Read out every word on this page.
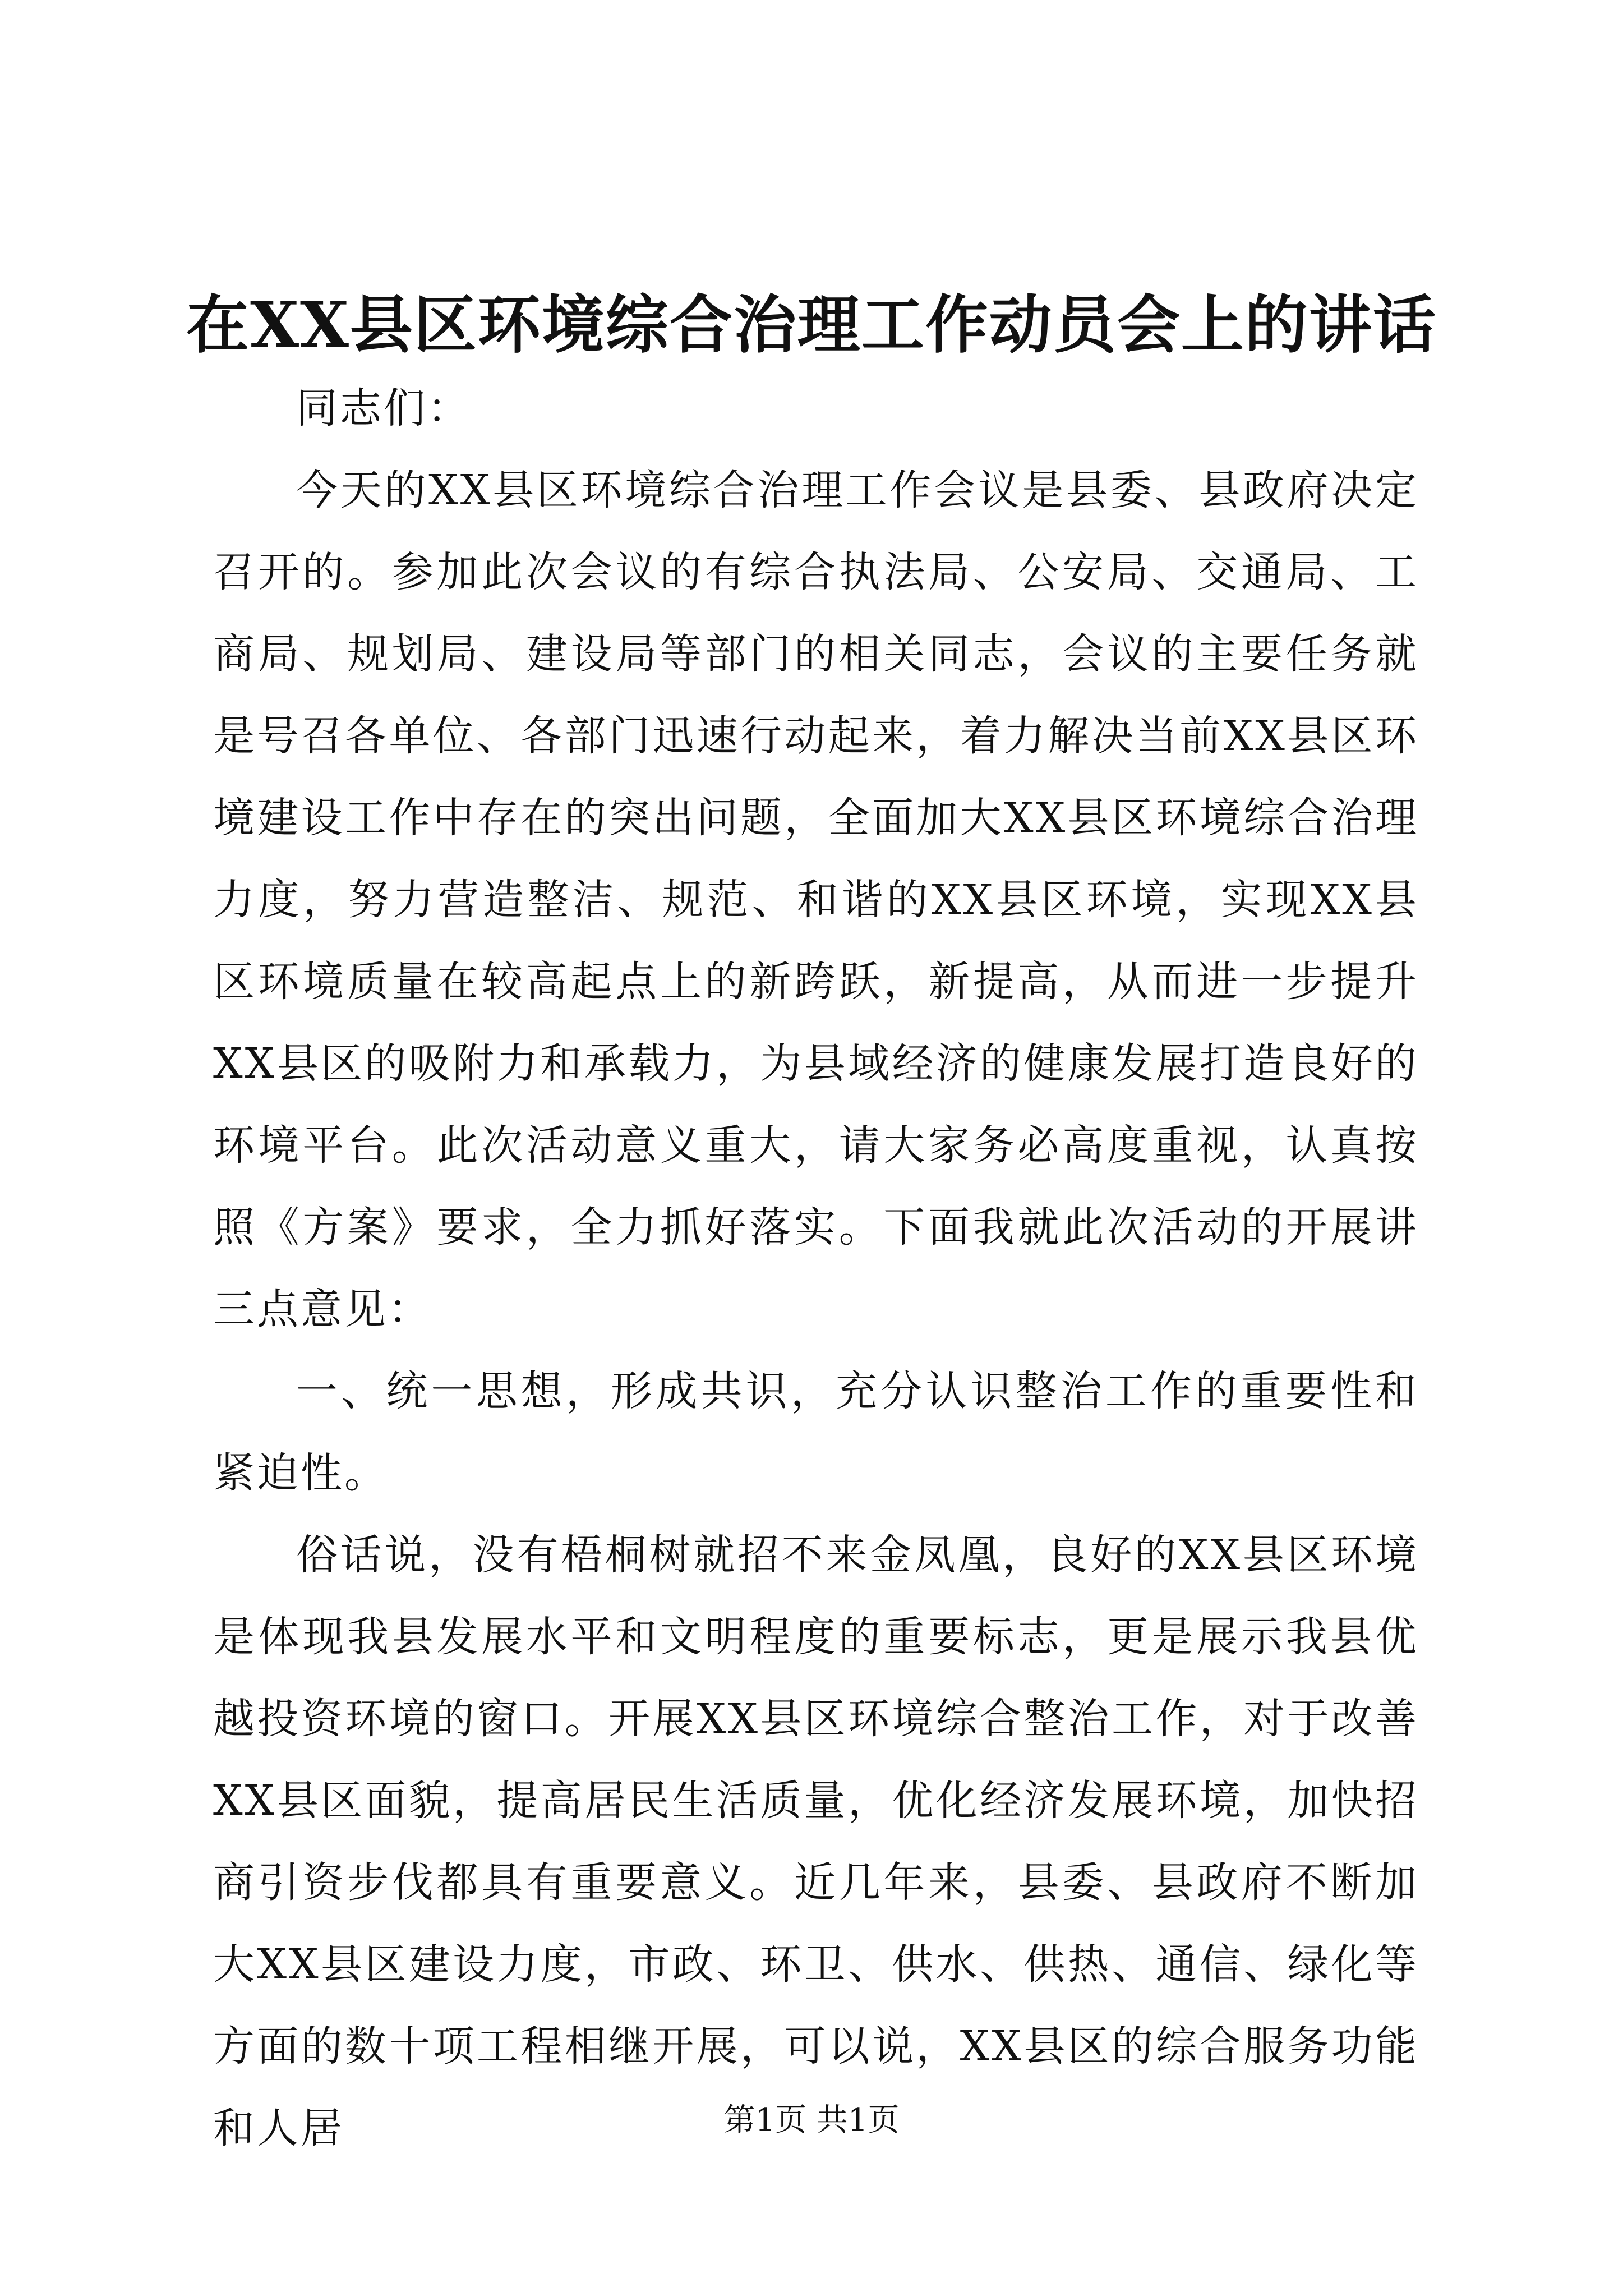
在XX县区环境综合治理工作动员会上的讲话

同志们：

今天的XX县区环境综合治理工作会议是县委、县政府决定召开的。参加此次会议的有综合执法局、公安局、交通局、工商局、规划局、建设局等部门的相关同志，会议的主要任务就是号召各单位、各部门迅速行动起来，着力解决当前XX县区环境建设工作中存在的突出问题，全面加大XX县区环境综合治理力度，努力营造整洁、规范、和谐的XX县区环境，实现XX县区环境质量在较高起点上的新跨跃，新提高，从而进一步提升XX县区的吸附力和承载力，为县域经济的健康发展打造良好的环境平台。此次活动意义重大，请大家务必高度重视，认真按照《方案》要求，全力抓好落实。下面我就此次活动的开展讲三点意见：

一、统一思想，形成共识，充分认识整治工作的重要性和紧迫性。

俗话说，没有梧桐树就招不来金凤凰，良好的XX县区环境是体现我县发展水平和文明程度的重要标志，更是展示我县优越投资环境的窗口。开展XX县区环境综合整治工作，对于改善XX县区面貌，提高居民生活质量，优化经济发展环境，加快招商引资步伐都具有重要意义。近几年来，县委、县政府不断加大XX县区建设力度，市政、环卫、供水、供热、通信、绿化等方面的数十项工程相继开展，可以说，XX县区的综合服务功能和人居	第1页 共1页
